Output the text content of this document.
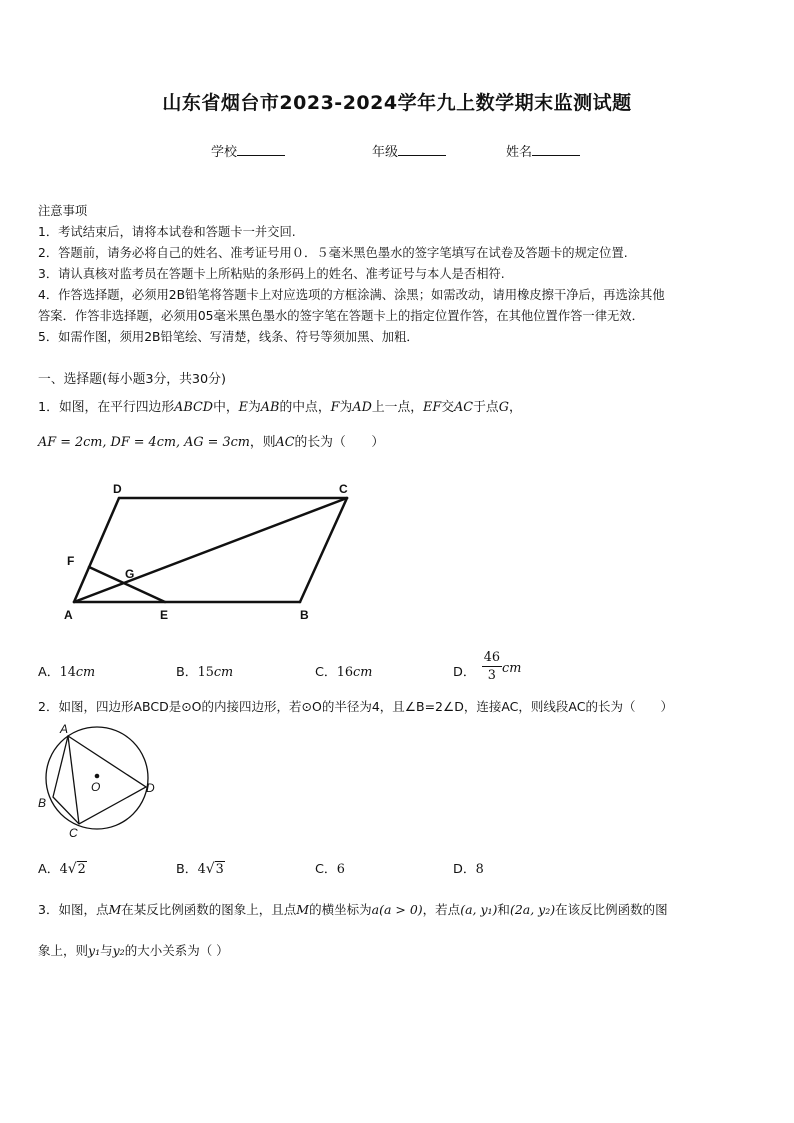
山东省烟台市2023-2024学年九上数学期末监测试题
学校	年级	姓名
注意事项
1．考试结束后，请将本试卷和答题卡一并交回.
2．答题前，请务必将自己的姓名、准考证号用０．５毫米黑色墨水的签字笔填写在试卷及答题卡的规定位置.
3．请认真核对监考员在答题卡上所粘贴的条形码上的姓名、准考证号与本人是否相符.
4．作答选择题，必须用2B铅笔将答题卡上对应选项的方框涂满、涂黑；如需改动，请用橡皮擦干净后，再选涂其他
答案．作答非选择题，必须用05毫米黑色墨水的签字笔在答题卡上的指定位置作答，在其他位置作答一律无效．
5．如需作图，须用2B铅笔绘、写清楚，线条、符号等须加黑、加粗．
一、选择题(每小题3分，共30分)
1．如图，在平行四边形ABCD中，E为AB的中点，F为AD上一点，EF交AC于点G，
AF = 2cm, DF = 4cm, AG = 3cm，则AC的长为（　　）
D	C
F
G
A	E	B
A．14cm	B．15cm	C．16cm	D． $\frac{46}{3}$ cm
2．如图，四边形ABCD是⊙O的内接四边形，若⊙O的半径为4，且∠B=2∠D，连接AC，则线段AC的长为（　　）
A
B
C
D
O
A．4√2	B．4√3	C．6	D．8
3．如图，点M在某反比例函数的图象上，且点M的横坐标为a(a > 0)，若点(a, y₁)和(2a, y₂)在该反比例函数的图
象上，则y₁与y₂的大小关系为（ ）
